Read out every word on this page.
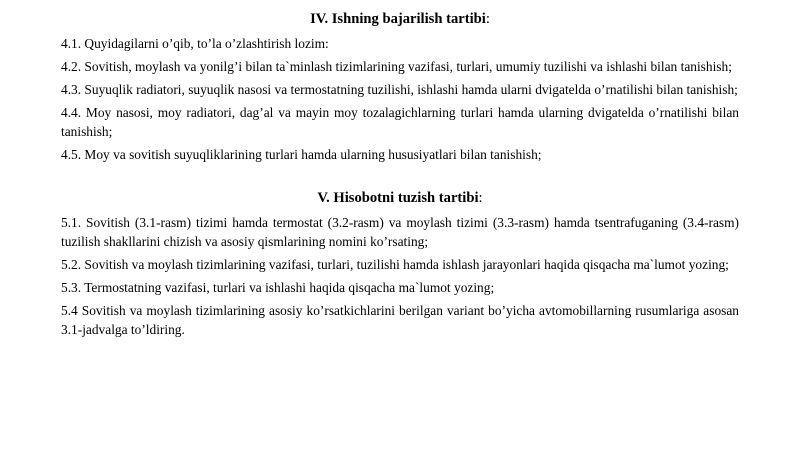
IV. Ishning bajarilish tartibi:

4.1. Quyidagilarni o’qib, to’la o’zlashtirish lozim:

4.2. Sovitish, moylash va yonilg’i bilan ta`minlash tizimlarining vazifasi, turlari, umumiy tuzilishi va ishlashi bilan tanishish;

4.3. Suyuqlik radiatori, suyuqlik nasosi va termostatning tuzilishi, ishlashi hamda ularni dvigatelda o’rnatilishi bilan tanishish;

4.4. Moy nasosi, moy radiatori, dag’al va mayin moy tozalagichlarning turlari hamda ularning dvigatelda o’rnatilishi bilan tanishish;

4.5. Moy va sovitish suyuqliklarining turlari hamda ularning hususiyatlari bilan tanishish;

V. Hisobotni tuzish tartibi:

5.1. Sovitish (3.1-rasm) tizimi hamda termostat (3.2-rasm) va moylash tizimi (3.3-rasm) hamda tsentrafuganing (3.4-rasm) tuzilish shakllarini chizish va asosiy qismlarining nomini ko’rsating;

5.2. Sovitish va moylash tizimlarining vazifasi, turlari, tuzilishi hamda ishlash jarayonlari haqida qisqacha ma`lumot yozing;

5.3. Termostatning vazifasi, turlari va ishlashi haqida qisqacha ma`lumot yozing;

5.4 Sovitish va moylash tizimlarining asosiy ko’rsatkichlarini berilgan variant bo’yicha avtomobillarning rusumlariga asosan 3.1-jadvalga to’ldiring.
